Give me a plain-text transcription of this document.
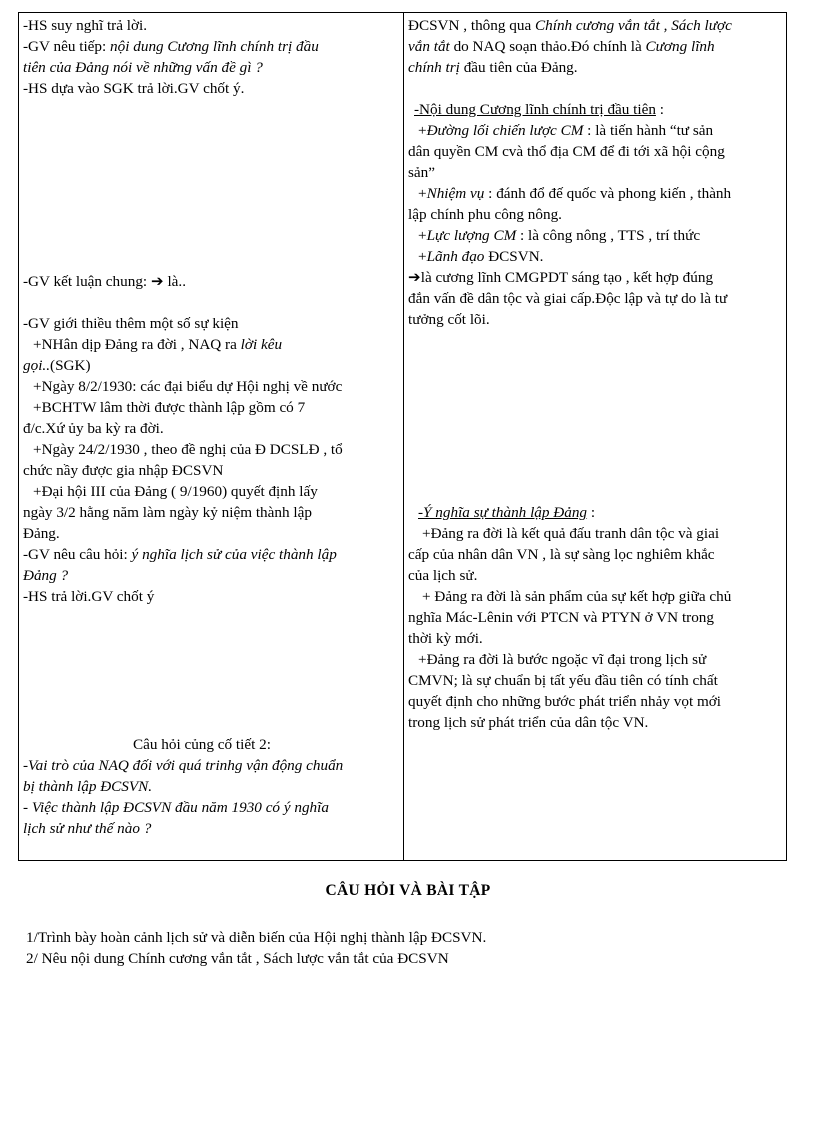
-HS suy nghĩ trả lời.
-GV nêu tiếp: nội dung Cương lĩnh chính trị đầu
tiên của Đảng nói về những vấn đề gì ?
-HS dựa vào SGK trả lời.GV chốt ý.
-GV kết luận chung: ➔ là..
-GV giới thiều thêm một số sự kiện
+NHân dịp Đảng ra đời , NAQ ra lời kêu
gọi..(SGK)
+Ngày 8/2/1930: các đại biểu dự Hội nghị về nước
+BCHTW lâm thời được thành lập gồm có 7
đ/c.Xứ ủy ba kỳ ra đời.
+Ngày 24/2/1930 , theo đề nghị của Đ DCSLĐ , tổ
chức nầy được gia nhập ĐCSVN
+Đại hội III của Đảng ( 9/1960) quyết định lấy
ngày 3/2 hằng năm làm ngày kỷ niệm thành lập
Đảng.
-GV nêu câu hỏi: ý nghĩa lịch sử của việc thành lập
Đảng ?
-HS trả lời.GV chốt ý
Câu hỏi củng cố tiết 2:
-Vai trò của NAQ đối với quá trinhg vận động chuẩn
bị thành lập ĐCSVN.
- Việc thành lập ĐCSVN đầu năm 1930 có ý nghĩa
lịch sử như thế nào ?
ĐCSVN , thông qua Chính cương vắn tắt , Sách lược
vắn tắt do NAQ soạn thảo.Đó chính là Cương lĩnh
chính trị đầu tiên của Đảng.
-Nội dung Cương lĩnh chính trị đầu tiên :
+Đường lối chiến lược CM : là tiến hành “tư sản
dân quyền CM cvà thổ địa CM để đi tới xã hội cộng
sản”
+Nhiệm vụ : đánh đổ đế quốc và phong kiến , thành
lập chính phu công nông.
+Lực lượng CM : là công nông , TTS , trí thức
+Lãnh đạo ĐCSVN.
➔là cương lĩnh CMGPDT sáng tạo , kết hợp đúng
đắn vấn đề dân tộc và giai cấp.Độc lập và tự do là tư
tưởng cốt lõi.
-Ý nghĩa sự thành lập Đảng :
+Đảng ra đời là kết quả đấu tranh dân tộc và giai
cấp của nhân dân VN , là sự sàng lọc nghiêm khắc
của lịch sử.
+ Đảng ra đời là sản phẩm của sự kết hợp giữa chủ
nghĩa Mác-Lênin với PTCN và PTYN ở VN trong
thời kỳ mới.
+Đảng ra đời là bước ngoặc vĩ đại trong lịch sử
CMVN; là sự chuẩn bị tất yếu đầu tiên có tính chất
quyết định cho những bước phát triển nhảy vọt mới
trong lịch sử phát triển của dân tộc VN.
CÂU HỎI VÀ BÀI TẬP
1/Trình bày hoàn cảnh lịch sử và diễn biến của Hội nghị thành lập ĐCSVN.
2/ Nêu nội dung Chính cương vắn tắt , Sách lược vắn tắt của ĐCSVN
